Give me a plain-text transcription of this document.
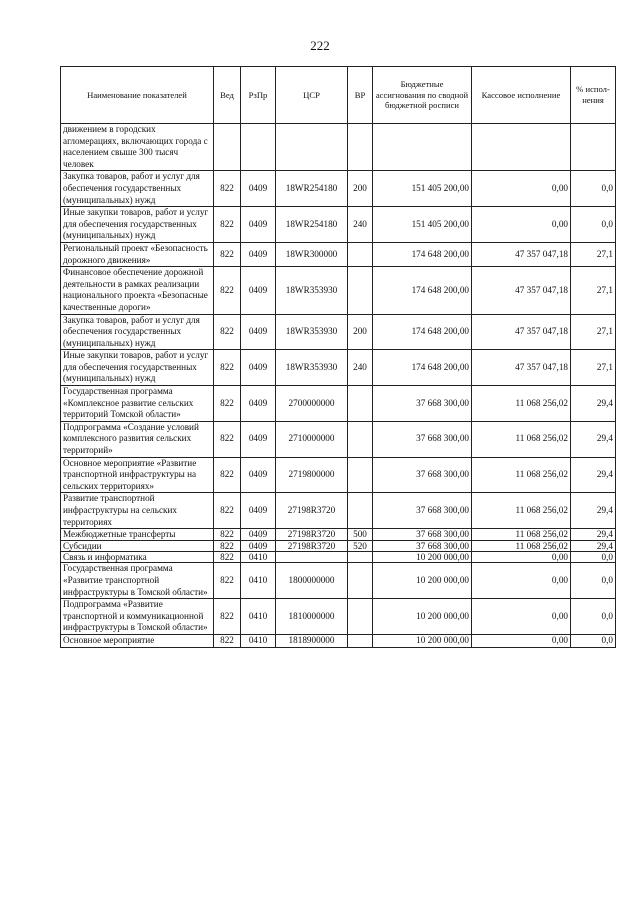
222
Наименование показателей	Вед	РзПр	ЦСР	ВР	Бюджетные ассигнования по сводной бюджетной росписи	Кассовое исполнение	% испол-нения
движением в городских агломерациях, включающих города с населением свыше 300 тысяч человек							
Закупка товаров, работ и услуг для обеспечения государственных (муниципальных) нужд	822	0409	18WR254180	200	151 405 200,00	0,00	0,0
Иные закупки товаров, работ и услуг для обеспечения государственных (муниципальных) нужд	822	0409	18WR254180	240	151 405 200,00	0,00	0,0
Региональный проект «Безопасность дорожного движения»	822	0409	18WR300000		174 648 200,00	47 357 047,18	27,1
Финансовое обеспечение дорожной деятельности в рамках реализации национального проекта «Безопасные качественные дороги»	822	0409	18WR353930		174 648 200,00	47 357 047,18	27,1
Закупка товаров, работ и услуг для обеспечения государственных (муниципальных) нужд	822	0409	18WR353930	200	174 648 200,00	47 357 047,18	27,1
Иные закупки товаров, работ и услуг для обеспечения государственных (муниципальных) нужд	822	0409	18WR353930	240	174 648 200,00	47 357 047,18	27,1
Государственная программа «Комплексное развитие сельских территорий Томской области»	822	0409	2700000000		37 668 300,00	11 068 256,02	29,4
Подпрограмма «Создание условий комплексного развития сельских территорий»	822	0409	2710000000		37 668 300,00	11 068 256,02	29,4
Основное мероприятие «Развитие транспортной инфраструктуры на сельских территориях»	822	0409	2719800000		37 668 300,00	11 068 256,02	29,4
Развитие транспортной инфраструктуры на сельских территориях	822	0409	27198R3720		37 668 300,00	11 068 256,02	29,4
Межбюджетные трансферты	822	0409	27198R3720	500	37 668 300,00	11 068 256,02	29,4
Субсидии	822	0409	27198R3720	520	37 668 300,00	11 068 256,02	29,4
Связь и информатика	822	0410			10 200 000,00	0,00	0,0
Государственная программа «Развитие транспортной инфраструктуры в Томской области»	822	0410	1800000000		10 200 000,00	0,00	0,0
Подпрограмма «Развитие транспортной и коммуникационной инфраструктуры в Томской области»	822	0410	1810000000		10 200 000,00	0,00	0,0
Основное мероприятие	822	0410	1818900000		10 200 000,00	0,00	0,0
